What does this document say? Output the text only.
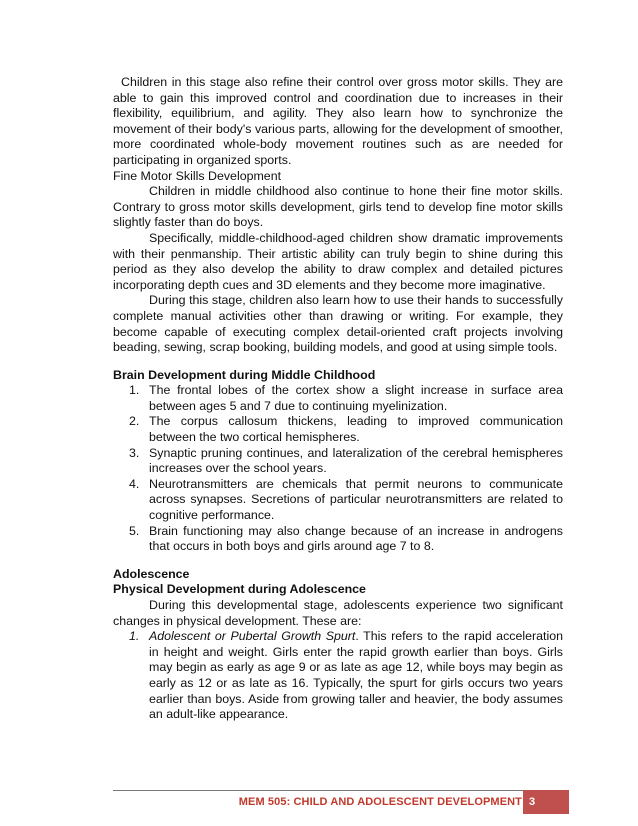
Children in this stage also refine their control over gross motor skills. They are able to gain this improved control and coordination due to increases in their flexibility, equilibrium, and agility. They also learn how to synchronize the movement of their body's various parts, allowing for the development of smoother, more coordinated whole-body movement routines such as are needed for participating in organized sports.

Fine Motor Skills Development

Children in middle childhood also continue to hone their fine motor skills. Contrary to gross motor skills development, girls tend to develop fine motor skills slightly faster than do boys.

Specifically, middle-childhood-aged children show dramatic improvements with their penmanship. Their artistic ability can truly begin to shine during this period as they also develop the ability to draw complex and detailed pictures incorporating depth cues and 3D elements and they become more imaginative.

During this stage, children also learn how to use their hands to successfully complete manual activities other than drawing or writing. For example, they become capable of executing complex detail-oriented craft projects involving beading, sewing, scrap booking, building models, and good at using simple tools.

Brain Development during Middle Childhood

1. The frontal lobes of the cortex show a slight increase in surface area between ages 5 and 7 due to continuing myelinization.
2. The corpus callosum thickens, leading to improved communication between the two cortical hemispheres.
3. Synaptic pruning continues, and lateralization of the cerebral hemispheres increases over the school years.
4. Neurotransmitters are chemicals that permit neurons to communicate across synapses. Secretions of particular neurotransmitters are related to cognitive performance.
5. Brain functioning may also change because of an increase in androgens that occurs in both boys and girls around age 7 to 8.

Adolescence

Physical Development during Adolescence

During this developmental stage, adolescents experience two significant changes in physical development. These are:

1. Adolescent or Pubertal Growth Spurt. This refers to the rapid acceleration in height and weight. Girls enter the rapid growth earlier than boys. Girls may begin as early as age 9 or as late as age 12, while boys may begin as early as 12 or as late as 16. Typically, the spurt for girls occurs two years earlier than boys. Aside from growing taller and heavier, the body assumes an adult-like appearance.
MEM 505: CHILD AND ADOLESCENT DEVELOPMENT 3
